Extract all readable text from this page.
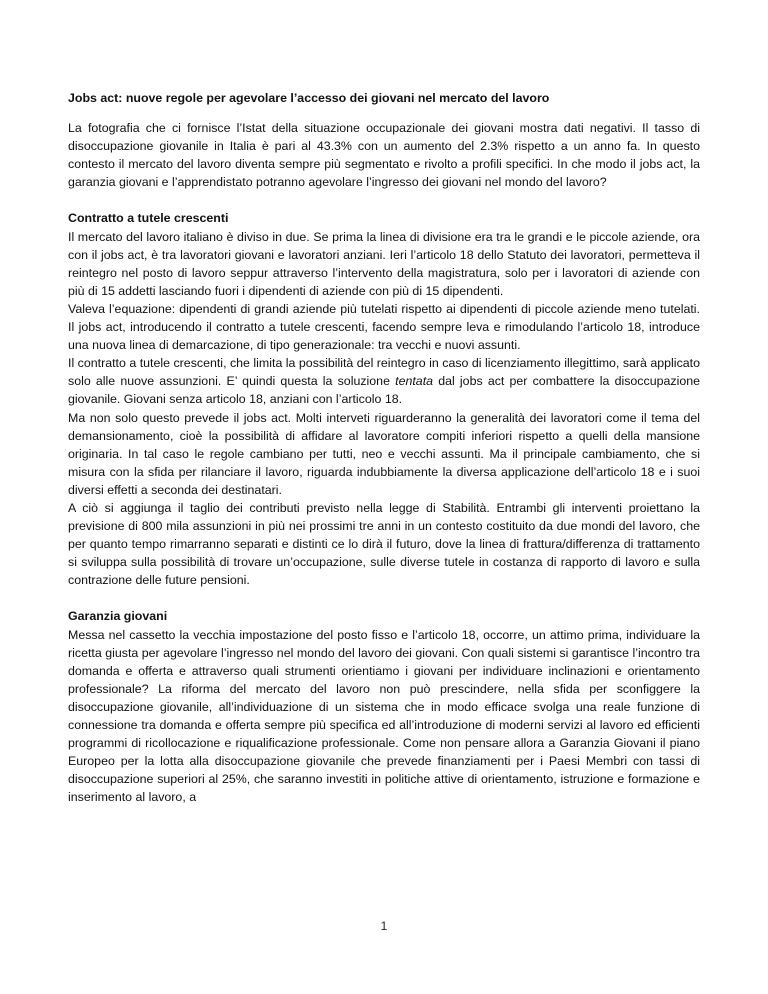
Jobs act: nuove regole per agevolare l’accesso dei giovani nel mercato del lavoro

La fotografia che ci fornisce l’Istat della situazione occupazionale dei giovani mostra dati negativi. Il tasso di disoccupazione giovanile in Italia è pari al 43.3% con un aumento del 2.3% rispetto a un anno fa. In questo contesto il mercato del lavoro diventa sempre più segmentato e rivolto a profili specifici. In che modo il jobs act, la garanzia giovani e l’apprendistato potranno agevolare l’ingresso dei giovani nel mondo del lavoro?

Contratto a tutele crescenti

Il mercato del lavoro italiano è diviso in due. Se prima la linea di divisione era tra le grandi e le piccole aziende, ora con il jobs act, è tra lavoratori giovani e lavoratori anziani. Ieri l’articolo 18 dello Statuto dei lavoratori, permetteva il reintegro nel posto di lavoro seppur attraverso l’intervento della magistratura, solo per i lavoratori di aziende con più di 15 addetti lasciando fuori i dipendenti di aziende con più di 15 dipendenti.

Valeva l’equazione: dipendenti di grandi aziende più tutelati rispetto ai dipendenti di piccole aziende meno tutelati. Il jobs act, introducendo il contratto a tutele crescenti, facendo sempre leva e rimodulando l’articolo 18, introduce una nuova linea di demarcazione, di tipo generazionale: tra vecchi e nuovi assunti.

Il contratto a tutele crescenti, che limita la possibilità del reintegro in caso di licenziamento illegittimo, sarà applicato solo alle nuove assunzioni. E’ quindi questa la soluzione tentata dal jobs act per combattere la disoccupazione giovanile. Giovani senza articolo 18, anziani con l’articolo 18.

Ma non solo questo prevede il jobs act. Molti interveti riguarderanno la generalità dei lavoratori come il tema del demansionamento, cioè la possibilità di affidare al lavoratore compiti inferiori rispetto a quelli della mansione originaria. In tal caso le regole cambiano per tutti, neo e vecchi assunti. Ma il principale cambiamento, che si misura con la sfida per rilanciare il lavoro, riguarda indubbiamente la diversa applicazione dell’articolo 18 e i suoi diversi effetti a seconda dei destinatari.

A ciò si aggiunga il taglio dei contributi previsto nella legge di Stabilità. Entrambi gli interventi proiettano la previsione di 800 mila assunzioni in più nei prossimi tre anni in un contesto costituito da due mondi del lavoro, che per quanto tempo rimarranno separati e distinti ce lo dirà il futuro, dove la linea di frattura/differenza di trattamento si sviluppa sulla possibilità di trovare un’occupazione, sulle diverse tutele in costanza di rapporto di lavoro e sulla contrazione delle future pensioni.

Garanzia giovani

Messa nel cassetto la vecchia impostazione del posto fisso e l’articolo 18, occorre, un attimo prima, individuare la ricetta giusta per agevolare l’ingresso nel mondo del lavoro dei giovani. Con quali sistemi si garantisce l’incontro tra domanda e offerta e attraverso quali strumenti orientiamo i giovani per individuare inclinazioni e orientamento professionale? La riforma del mercato del lavoro non può prescindere, nella sfida per sconfiggere la disoccupazione giovanile, all’individuazione di un sistema che in modo efficace svolga una reale funzione di connessione tra domanda e offerta sempre più specifica ed all’introduzione di moderni servizi al lavoro ed efficienti programmi di ricollocazione e riqualificazione professionale. Come non pensare allora a Garanzia Giovani il piano Europeo per la lotta alla disoccupazione giovanile che prevede finanziamenti per i Paesi Membri con tassi di disoccupazione superiori al 25%, che saranno investiti in politiche attive di orientamento, istruzione e formazione e inserimento al lavoro, a

1
